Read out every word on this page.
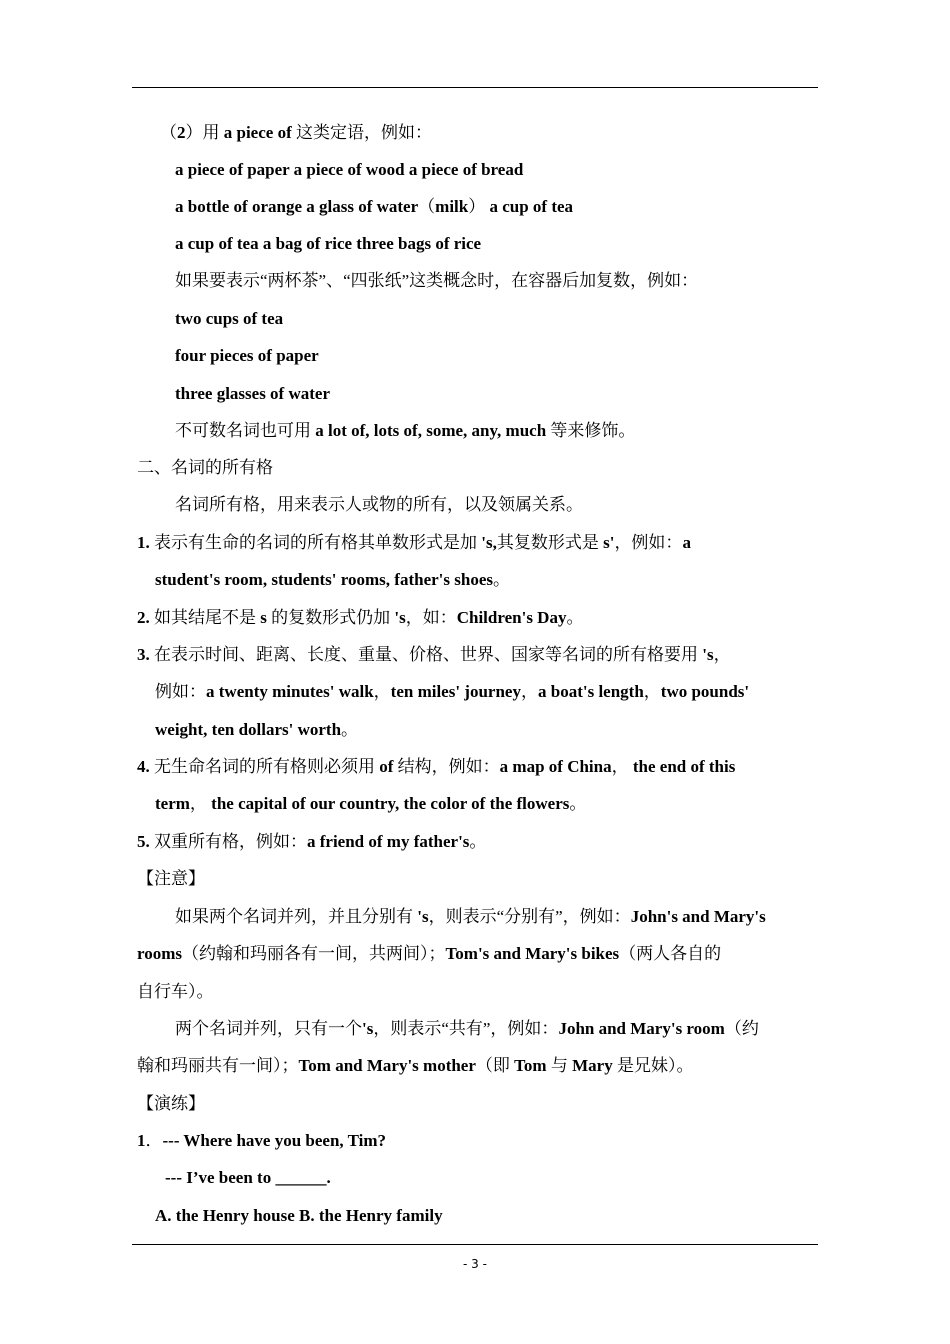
（2）用 a piece of 这类定语，例如：
a piece of paper a piece of wood a piece of bread
a bottle of orange a glass of water（milk） a cup of tea
a cup of tea a bag of rice three bags of rice
如果要表示“两杯茶”、“四张纸”这类概念时，在容器后加复数，例如：
two cups of tea
four pieces of paper
three glasses of water
不可数名词也可用 a lot of, lots of, some, any, much 等来修饰。
二、名词的所有格
名词所有格，用来表示人或物的所有，以及领属关系。
1. 表示有生命的名词的所有格其单数形式是加 's,其复数形式是 s'，例如：a
student's room, students' rooms, father's shoes。
2. 如其结尾不是 s 的复数形式仍加 's，如：Children's Day。
3. 在表示时间、距离、长度、重量、价格、世界、国家等名词的所有格要用 's，
例如：a twenty minutes' walk，ten miles' journey，a boat's length，two pounds'
weight, ten dollars' worth。
4. 无生命名词的所有格则必须用 of 结构，例如：a map of China， the end of this
term， the capital of our country, the color of the flowers。
5. 双重所有格，例如：a friend of my father's。
【注意】
如果两个名词并列，并且分别有 's，则表示“分别有”，例如：John's and Mary's
rooms（约翰和玛丽各有一间，共两间）；Tom's and Mary's bikes（两人各自的
自行车）。
两个名词并列，只有一个's，则表示“共有”，例如：John and Mary's room（约
翰和玛丽共有一间）；Tom and Mary's mother（即 Tom 与 Mary 是兄妹）。
【演练】
1．--- Where have you been, Tim?
--- I’ve been to ______.
A. the Henry house B. the Henry family
- 3 -
